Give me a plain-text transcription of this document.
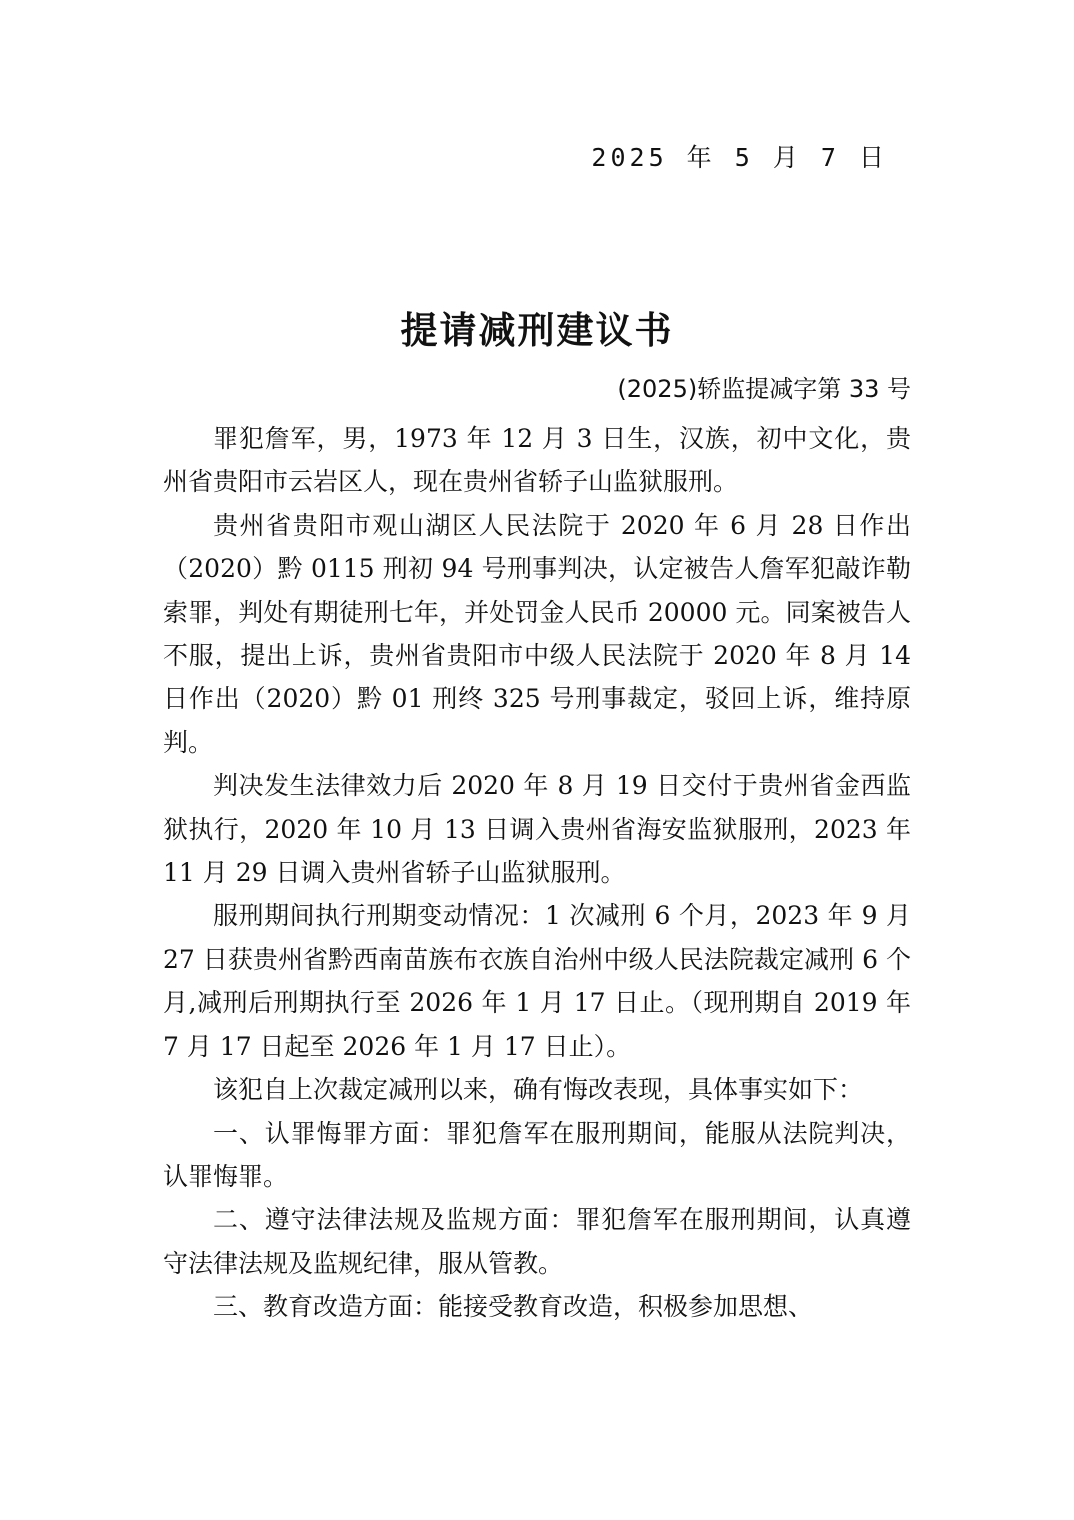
2025 年 5 月 7 日
提请减刑建议书
(2025)轿监提减字第 33 号

罪犯詹军，男，1973 年 12 月 3 日生，汉族，初中文化，贵州省贵阳市云岩区人，现在贵州省轿子山监狱服刑。

贵州省贵阳市观山湖区人民法院于 2020 年 6 月 28 日作出（2020）黔 0115 刑初 94 号刑事判决，认定被告人詹军犯敲诈勒索罪，判处有期徒刑七年，并处罚金人民币 20000 元。同案被告人不服，提出上诉，贵州省贵阳市中级人民法院于 2020 年 8 月 14 日作出（2020）黔 01 刑终 325 号刑事裁定，驳回上诉，维持原判。

判决发生法律效力后 2020 年 8 月 19 日交付于贵州省金西监狱执行，2020 年 10 月 13 日调入贵州省海安监狱服刑，2023 年 11 月 29 日调入贵州省轿子山监狱服刑。

服刑期间执行刑期变动情况：1 次减刑 6 个月，2023 年 9 月 27 日获贵州省黔西南苗族布衣族自治州中级人民法院裁定减刑 6 个月,减刑后刑期执行至 2026 年 1 月 17 日止。（现刑期自 2019 年 7 月 17 日起至 2026 年 1 月 17 日止）。

该犯自上次裁定减刑以来，确有悔改表现，具体事实如下：

一、认罪悔罪方面：罪犯詹军在服刑期间，能服从法院判决，认罪悔罪。

二、遵守法律法规及监规方面：罪犯詹军在服刑期间，认真遵守法律法规及监规纪律，服从管教。

三、教育改造方面：能接受教育改造，积极参加思想、
